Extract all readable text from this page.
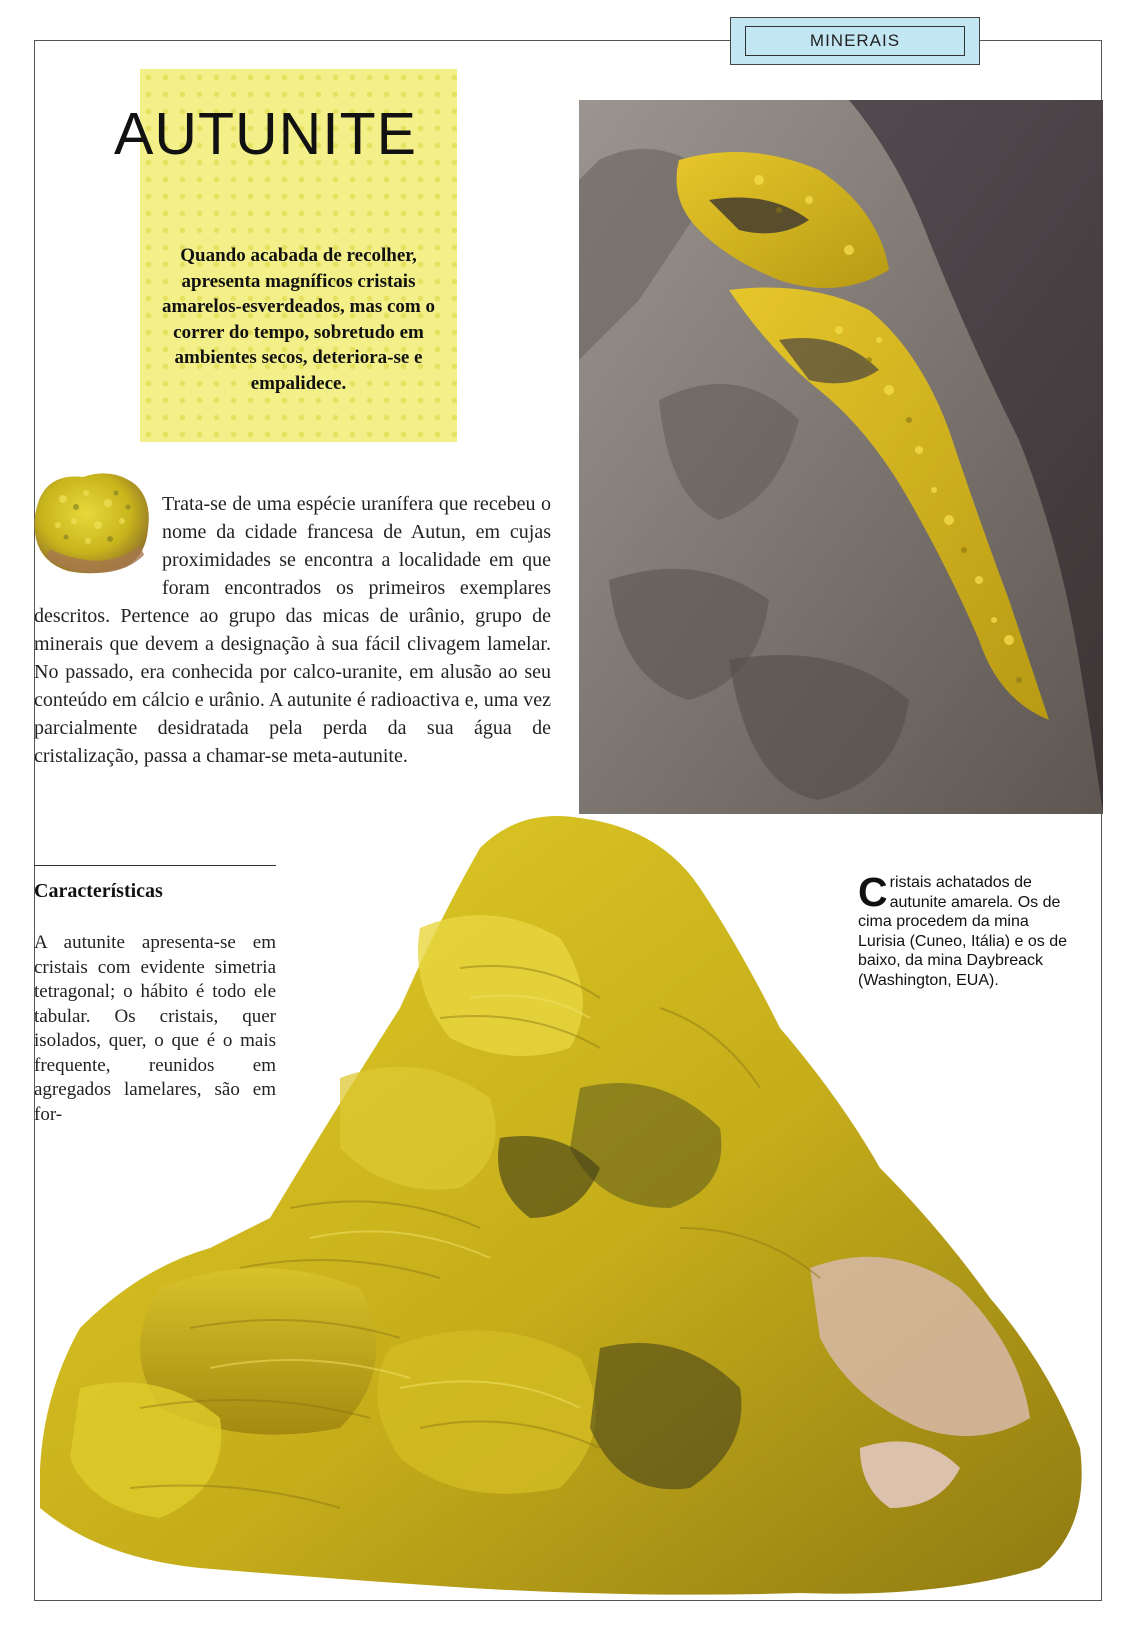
MINERAIS
AUTUNITE

Quando acabada de recolher, apresenta magníficos cristais amarelos-esverdeados, mas com o correr do tempo, sobretudo em ambientes secos, deteriora-se e empalidece.

Trata-se de uma espécie uranífera que recebeu o nome da cidade francesa de Autun, em cujas proximidades se encontra a localidade em que foram encontrados os primeiros exemplares descritos. Pertence ao grupo das micas de urânio, grupo de minerais que devem a designação à sua fácil clivagem lamelar. No passado, era conhecida por calco-uranite, em alusão ao seu conteúdo em cálcio e urânio. A autunite é radioactiva e, uma vez parcialmente desidratada pela perda da sua água de cristalização, passa a chamar-se meta-autunite.

Características

A autunite apresenta-se em cristais com evidente simetria tetragonal; o hábito é todo ele tabular. Os cristais, quer isolados, quer, o que é o mais frequente, reunidos em agregados lamelares, são em for-

Cristais achatados de autunite amarela. Os de cima procedem da mina Lurisia (Cuneo, Itália) e os de baixo, da mina Daybreack (Washington, EUA).
